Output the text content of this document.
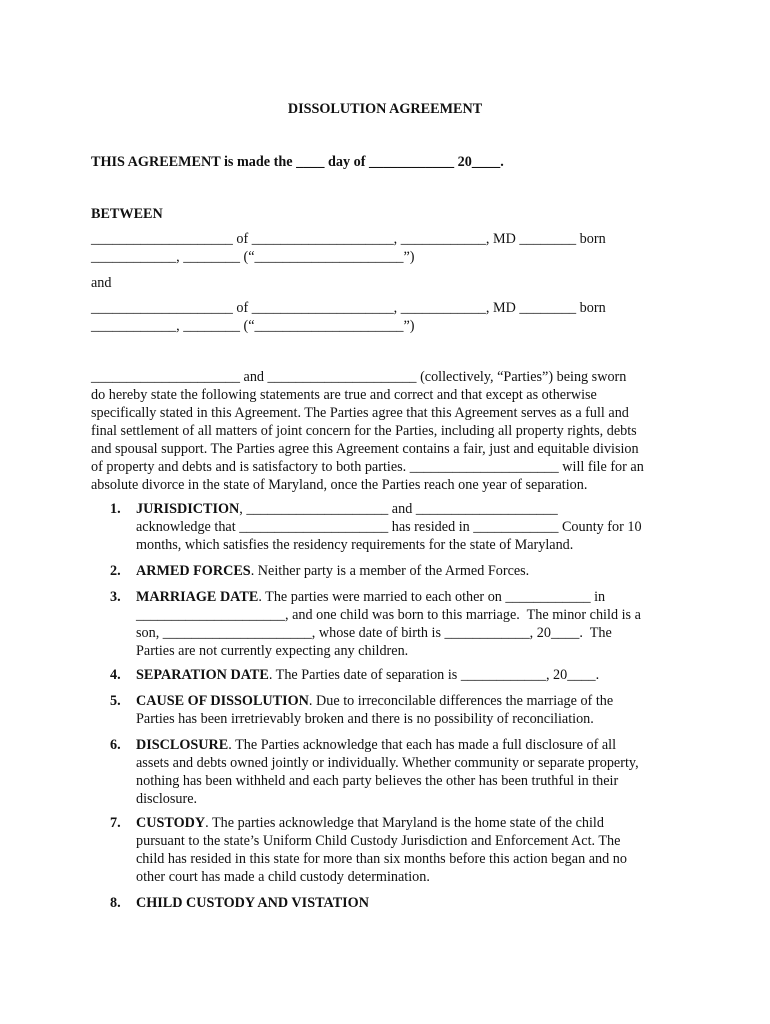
DISSOLUTION AGREEMENT
THIS AGREEMENT is made the ____ day of ____________ 20____.
BETWEEN
____________________ of ____________________, ____________, MD ________ born
____________, ________ (“_____________________”)
and
____________________ of ____________________, ____________, MD ________ born
____________, ________ (“_____________________”)
_____________________ and _____________________ (collectively, “Parties”) being sworn
do hereby state the following statements are true and correct and that except as otherwise
specifically stated in this Agreement. The Parties agree that this Agreement serves as a full and
final settlement of all matters of joint concern for the Parties, including all property rights, debts
and spousal support. The Parties agree this Agreement contains a fair, just and equitable division
of property and debts and is satisfactory to both parties. _____________________ will file for an
absolute divorce in the state of Maryland, once the Parties reach one year of separation.
1.	JURISDICTION, ____________________ and ____________________
acknowledge that _____________________ has resided in ____________ County for 10
months, which satisfies the residency requirements for the state of Maryland.
2.	ARMED FORCES. Neither party is a member of the Armed Forces.
3.	MARRIAGE DATE. The parties were married to each other on ____________ in
_____________________, and one child was born to this marriage.  The minor child is a
son, _____________________, whose date of birth is ____________, 20____.  The
Parties are not currently expecting any children.
4.	SEPARATION DATE. The Parties date of separation is ____________, 20____.
5.	CAUSE OF DISSOLUTION. Due to irreconcilable differences the marriage of the
Parties has been irretrievably broken and there is no possibility of reconciliation.
6.	DISCLOSURE. The Parties acknowledge that each has made a full disclosure of all
assets and debts owned jointly or individually. Whether community or separate property,
nothing has been withheld and each party believes the other has been truthful in their
disclosure.
7.	CUSTODY. The parties acknowledge that Maryland is the home state of the child
pursuant to the state’s Uniform Child Custody Jurisdiction and Enforcement Act. The
child has resided in this state for more than six months before this action began and no
other court has made a child custody determination.
8.	CHILD CUSTODY AND VISTATION
